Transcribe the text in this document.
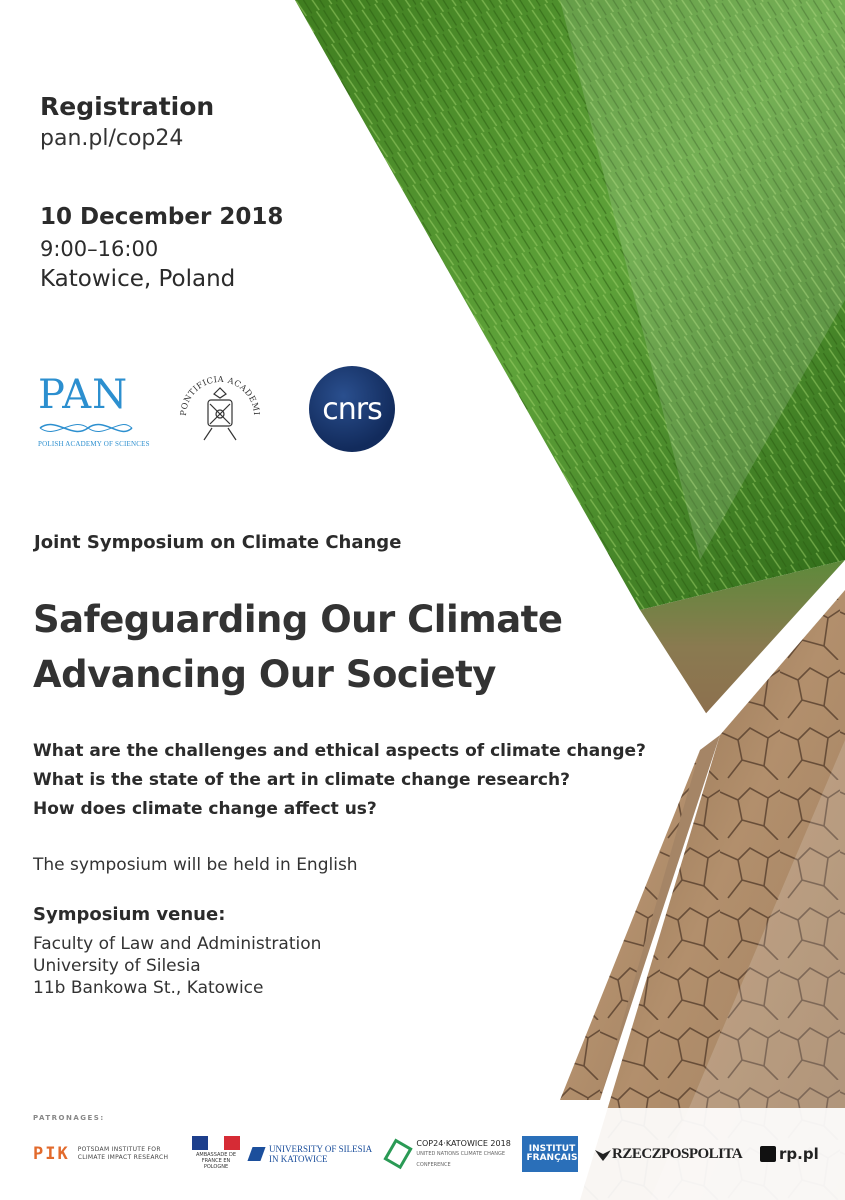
Registration
pan.pl/cop24
10 December 2018
9:00–16:00
Katowice, Poland
PAN
POLISH ACADEMY OF SCIENCES
PONTIFICIA ACADEMI cnrs
Joint Symposium on Climate Change
Safeguarding Our Climate
Advancing Our Society
What are the challenges and ethical aspects of climate change?
What is the state of the art in climate change research?
How does climate change affect us?
The symposium will be held in English
Symposium venue:
Faculty of Law and Administration
University of Silesia
11b Bankowa St., Katowice
PATRONAGES:
PIK POTSDAM INSTITUTE FOR CLIMATE IMPACT RESEARCH	AMBASSADE DE FRANCE EN POLOGNE
UNIVERSITY OF SILESIA IN KATOWICE
COP24·KATOWICE 2018
UNITED NATIONS CLIMATE CHANGE CONFERENCE
INSTITUT
FRANÇAIS RZECZPOSPOLITA rp.pl
